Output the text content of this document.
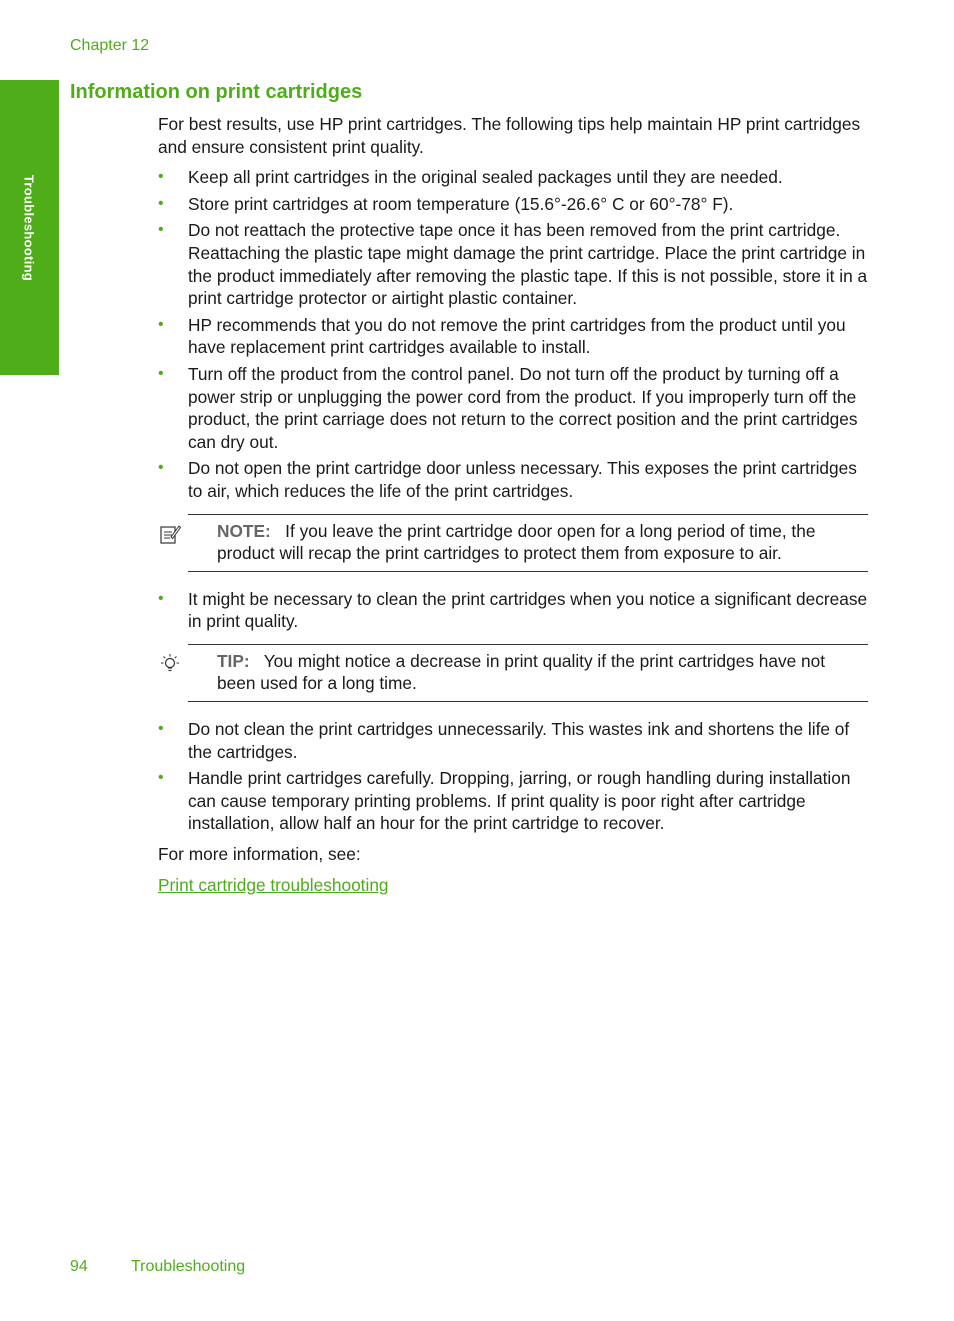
Chapter 12
Troubleshooting
Information on print cartridges

For best results, use HP print cartridges. The following tips help maintain HP print cartridges and ensure consistent print quality.

• Keep all print cartridges in the original sealed packages until they are needed.
• Store print cartridges at room temperature (15.6°-26.6° C or 60°-78° F).
• Do not reattach the protective tape once it has been removed from the print cartridge. Reattaching the plastic tape might damage the print cartridge. Place the print cartridge in the product immediately after removing the plastic tape. If this is not possible, store it in a print cartridge protector or airtight plastic container.
• HP recommends that you do not remove the print cartridges from the product until you have replacement print cartridges available to install.
• Turn off the product from the control panel. Do not turn off the product by turning off a power strip or unplugging the power cord from the product. If you improperly turn off the product, the print carriage does not return to the correct position and the print cartridges can dry out.
• Do not open the print cartridge door unless necessary. This exposes the print cartridges to air, which reduces the life of the print cartridges.
NOTE: If you leave the print cartridge door open for a long period of time, the product will recap the print cartridges to protect them from exposure to air.
• It might be necessary to clean the print cartridges when you notice a significant decrease in print quality.
TIP: You might notice a decrease in print quality if the print cartridges have not been used for a long time.
• Do not clean the print cartridges unnecessarily. This wastes ink and shortens the life of the cartridges.
• Handle print cartridges carefully. Dropping, jarring, or rough handling during installation can cause temporary printing problems. If print quality is poor right after cartridge installation, allow half an hour for the print cartridge to recover.

For more information, see:

Print cartridge troubleshooting
94	Troubleshooting
